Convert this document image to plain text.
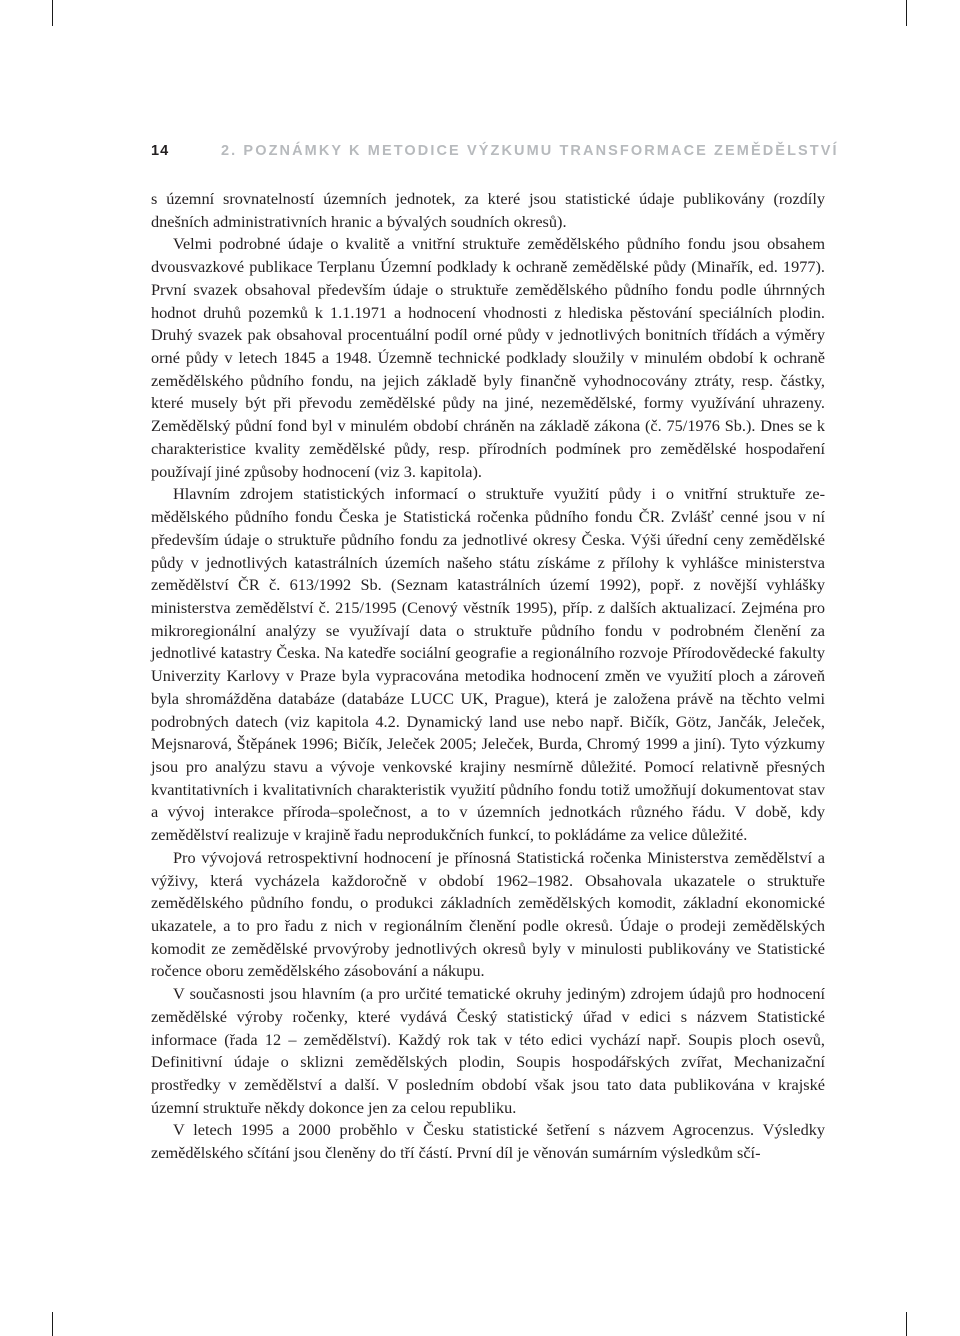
14	2. POZNÁMKY K METODICE VÝZKUMU TRANSFORMACE ZEMĚDĚLSTVÍ

s územní srovnatelností územních jednotek, za které jsou statistické údaje publikovány (rozdíly dnešních administrativních hranic a bývalých soudních okresů).

Velmi podrobné údaje o kvalitě a vnitřní struktuře zemědělského půdního fondu jsou obsahem dvousvazkové publikace Terplanu Územní podklady k ochraně zemědělské půdy (Minařík, ed. 1977). První svazek obsahoval především údaje o struktuře zemědělského půdního fondu podle úhrnných hodnot druhů pozemků k 1.1.1971 a hodnocení vhodnosti z hlediska pěstování speciálních plodin. Druhý svazek pak obsahoval procentuální podíl orné půdy v jednotlivých bonitních třídách a výměry orné půdy v letech 1845 a 1948. Územně technické podklady sloužily v minulém období k ochraně zemědělského půdního fondu, na jejich základě byly finančně vyhodnocovány ztráty, resp. částky, které musely být při převodu zemědělské půdy na jiné, nezemědělské, formy využívání uhrazeny. Zemědělský půdní fond byl v minulém období chráněn na základě zákona (č. 75/1976 Sb.). Dnes se k charakteristice kvality zemědělské půdy, resp. přírodních podmínek pro zemědělské hospodaření používají jiné způsoby hodnocení (viz 3. kapitola).

Hlavním zdrojem statistických informací o struktuře využití půdy i o vnitřní struktuře zemědělského půdního fondu Česka je Statistická ročenka půdního fondu ČR. Zvlášť cenné jsou v ní především údaje o struktuře půdního fondu za jednotlivé okresy Česka. Výši úřední ceny zemědělské půdy v jednotlivých katastrálních územích našeho státu získáme z přílohy k vyhlášce ministerstva zemědělství ČR č. 613/1992 Sb. (Seznam katastrálních území 1992), popř. z novější vyhlášky ministerstva zemědělství č. 215/1995 (Cenový věstník 1995), příp. z dalších aktualizací. Zejména pro mikroregionální analýzy se využívají data o struktuře půdního fondu v podrobném členění za jednotlivé katastry Česka. Na katedře sociální geografie a regionálního rozvoje Přírodovědecké fakulty Univerzity Karlovy v Praze byla vypracována metodika hodnocení změn ve využití ploch a zároveň byla shromážděna databáze (databáze LUCC UK, Prague), která je založena právě na těchto velmi podrobných datech (viz kapitola 4.2. Dynamický land use nebo např. Bičík, Götz, Jančák, Jeleček, Mejsnarová, Štěpánek 1996; Bičík, Jeleček 2005; Jeleček, Burda, Chromý 1999 a jiní). Tyto výzkumy jsou pro analýzu stavu a vývoje venkovské krajiny nesmírně důležité. Pomocí relativně přesných kvantitativních i kvalitativních charakteristik využití půdního fondu totiž umožňují dokumentovat stav a vývoj interakce příroda–společnost, a to v územních jednotkách různého řádu. V době, kdy zemědělství realizuje v krajině řadu neprodukčních funkcí, to pokládáme za velice důležité.

Pro vývojová retrospektivní hodnocení je přínosná Statistická ročenka Ministerstva zemědělství a výživy, která vycházela každoročně v období 1962–1982. Obsahovala ukazatele o struktuře zemědělského půdního fondu, o produkci základních zemědělských komodit, základní ekonomické ukazatele, a to pro řadu z nich v regionálním členění podle okresů. Údaje o prodeji zemědělských komodit ze zemědělské prvovýroby jednotlivých okresů byly v minulosti publikovány ve Statistické ročence oboru zemědělského zásobování a nákupu.

V současnosti jsou hlavním (a pro určité tematické okruhy jediným) zdrojem údajů pro hodnocení zemědělské výroby ročenky, které vydává Český statistický úřad v edici s názvem Statistické informace (řada 12 – zemědělství). Každý rok tak v této edici vychází např. Soupis ploch osevů, Definitivní údaje o sklizni zemědělských plodin, Soupis hospodářských zvířat, Mechanizační prostředky v zemědělství a další. V posledním období však jsou tato data publikována v krajské územní struktuře někdy dokonce jen za celou republiku.

V letech 1995 a 2000 proběhlo v Česku statistické šetření s názvem Agrocenzus. Výsledky zemědělského sčítání jsou členěny do tří částí. První díl je věnován sumárním výsledkům sčí-
